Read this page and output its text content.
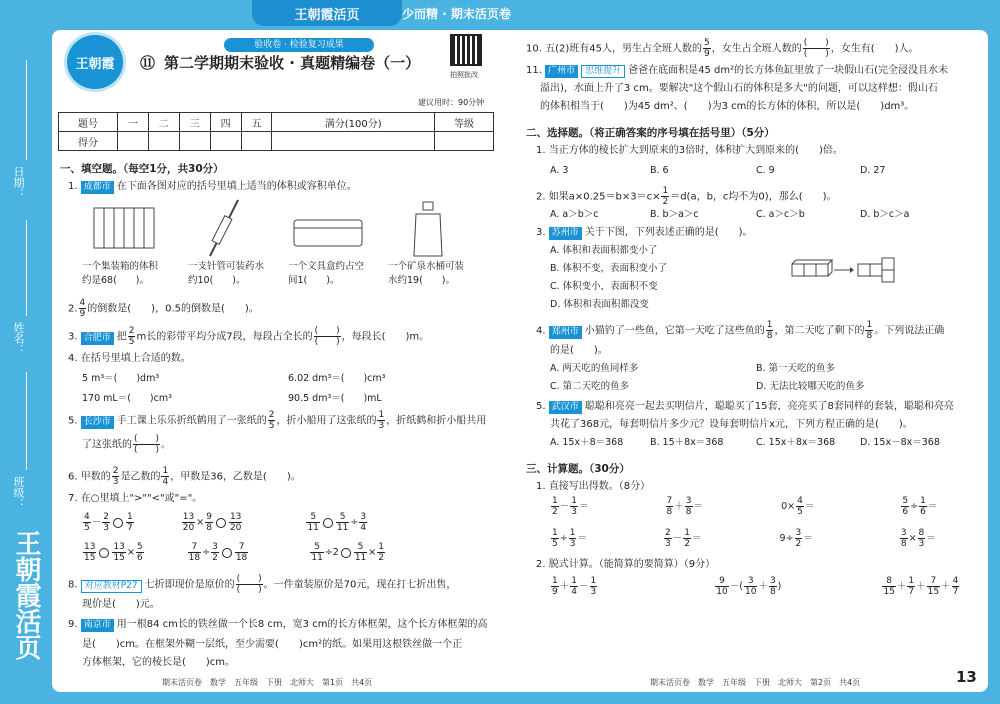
王朝霞活页	少而精 · 期末活页卷
日期：
姓名：
班级：
王朝霞活页
王朝霞
验收卷 · 检验复习成果
⑪ 第二学期期末验收 · 真题精编卷（一）
拍照批改
建议用时：90分钟
题号	一	二	三	四	五	满分(100分)	等级
得分							
一、填空题。（每空1分，共30分）
1. 成都市 在下面各图对应的括号里填上适当的体积或容积单位。
一个集装箱的体积
约是68(　　)。
一支针管可装药水
约10(　　)。
一个文具盒约占空
间1(　　)。
一个矿泉水桶可装
水约19(　　)。
2. $\frac{4}{9}$ 的倒数是(　　)，0.5的倒数是(　　)。
3. 合肥市 把 $\frac{2}{5}$ m长的彩带平均分成7段，每段占全长的
(　　)
(　　) ，每段长(　　)m。
4. 在括号里填上合适的数。
5 m³＝(　　)dm³	6.02 dm³＝(　　)cm³
170 mL＝(　　)cm³	90.5 dm³＝(　　)mL
5. 长沙市 手工课上乐乐折纸鹤用了一张纸的 $\frac{2}{5}$ ，折小船用了这张纸的 $\frac{1}{3}$ ，折纸鹤和折小船共用
了这张纸的
(　　)
(　　) 。
6. 甲数的 $\frac{2}{3}$ 是乙数的 $\frac{1}{4}$ ，甲数是36，乙数是(　　)。
7. 在○里填上">""<"或"="。
$\frac{4}{5} - \frac{2}{3} \frac{1}{7}$
	$\frac{13}{20} \times \frac{9}{8} \frac{13}{20}$
	$\frac{5}{11} \frac{5}{11} \div \frac{3}{4}$
$\frac{13}{15} \frac{13}{15} \times \frac{5}{6}$
	$\frac{7}{18} \div \frac{3}{2} \frac{7}{18}$
	$\frac{5}{11} \div 2 \frac{5}{11} \times \frac{1}{2}$
8. 对应教材P27 七折即现价是原价的
(　　)
(　　) 。一件童装原价是70元，现在打七折出售，
现价是(　　)元。
9. 南京市 用一根84 cm长的铁丝做一个长8 cm，宽3 cm的长方体框架，这个长方体框架的高
是(　　)cm。在框架外糊一层纸，至少需要(　　)cm²的纸。如果用这根铁丝做一个正
方体框架，它的棱长是(　　)cm。
期末活页卷　数学　五年级　下册　北师大　第1页　共4页
10. 五(2)班有45人，男生占全班人数的 $\frac{5}{9}$ ，女生占全班人数的
(　　)
(　　) ，女生有(　　)人。
11. 广州市 思维提升 爸爸在底面积是45 dm²的长方体鱼缸里放了一块假山石(完全浸没且水未
溢出)，水面上升了3 cm。要解决"这个假山石的体积是多大"的问题，可以这样想：假山石
的体积相当于(　　)为45 dm²、(　　)为3 cm的长方体的体积，所以是(　　)dm³。
二、选择题。（将正确答案的序号填在括号里）（5分）
1. 当正方体的棱长扩大到原来的3倍时，体积扩大到原来的(　　)倍。
A. 3	B. 6	C. 9	D. 27
2. 如果$a\times 0.25=b\times 3=c\times \frac{1}{2} =d(a$，b，c均不为0)，那么(　　)。
A. a＞b＞c	B. b＞a＞c	C. a＞c＞b	D. b＞c＞a
3. 苏州市 关于下图，下列表述正确的是(　　)。
A. 体积和表面积都变小了
B. 体积不变，表面积变小了
C. 体积变小，表面积不变
D. 体积和表面积都没变
4. 郑州市 小猫钓了一些鱼，它第一天吃了这些鱼的 $\frac{1}{8}$ ，第二天吃了剩下的 $\frac{1}{8}$ 。下列说法正确
的是(　　)。
A. 两天吃的鱼同样多	B. 第一天吃的鱼多
C. 第二天吃的鱼多	D. 无法比较哪天吃的鱼多
5. 武汉市 聪聪和亮亮一起去买明信片，聪聪买了15套，亮亮买了8套同样的套装，聪聪和亮亮
共花了368元，每套明信片多少元？设每套明信片x元，下列方程正确的是(　　)。
A. 15x＋8＝368	B. 15＋8x＝368	C. 15x＋8x＝368	D. 15x－8x＝368
三、计算题。（30分）
1. 直接写出得数。（8分）
$\frac{1}{2} - \frac{1}{3}$ ＝	$\frac{7}{8} + \frac{3}{8}$ ＝	$0\times \frac{4}{5}$ ＝	$\frac{5}{6} \div \frac{1}{6}$ ＝
$\frac{1}{5} \div \frac{1}{3}$ ＝	$\frac{2}{3} - \frac{1}{2}$ ＝	$9\div \frac{3}{2}$ ＝	$\frac{3}{8} \times \frac{8}{3}$ ＝
2. 脱式计算。（能简算的要简算）（9分）
$\frac{1}{9} + \frac{1}{4} - \frac{1}{3}$
	$\frac{9}{10}$ －( $\frac{3}{10} + \frac{3}{8}$ )	$\frac{8}{15} + \frac{1}{7} + \frac{7}{15} + \frac{4}{7}$
期末活页卷　数学　五年级　下册　北师大　第2页　共4页	13
